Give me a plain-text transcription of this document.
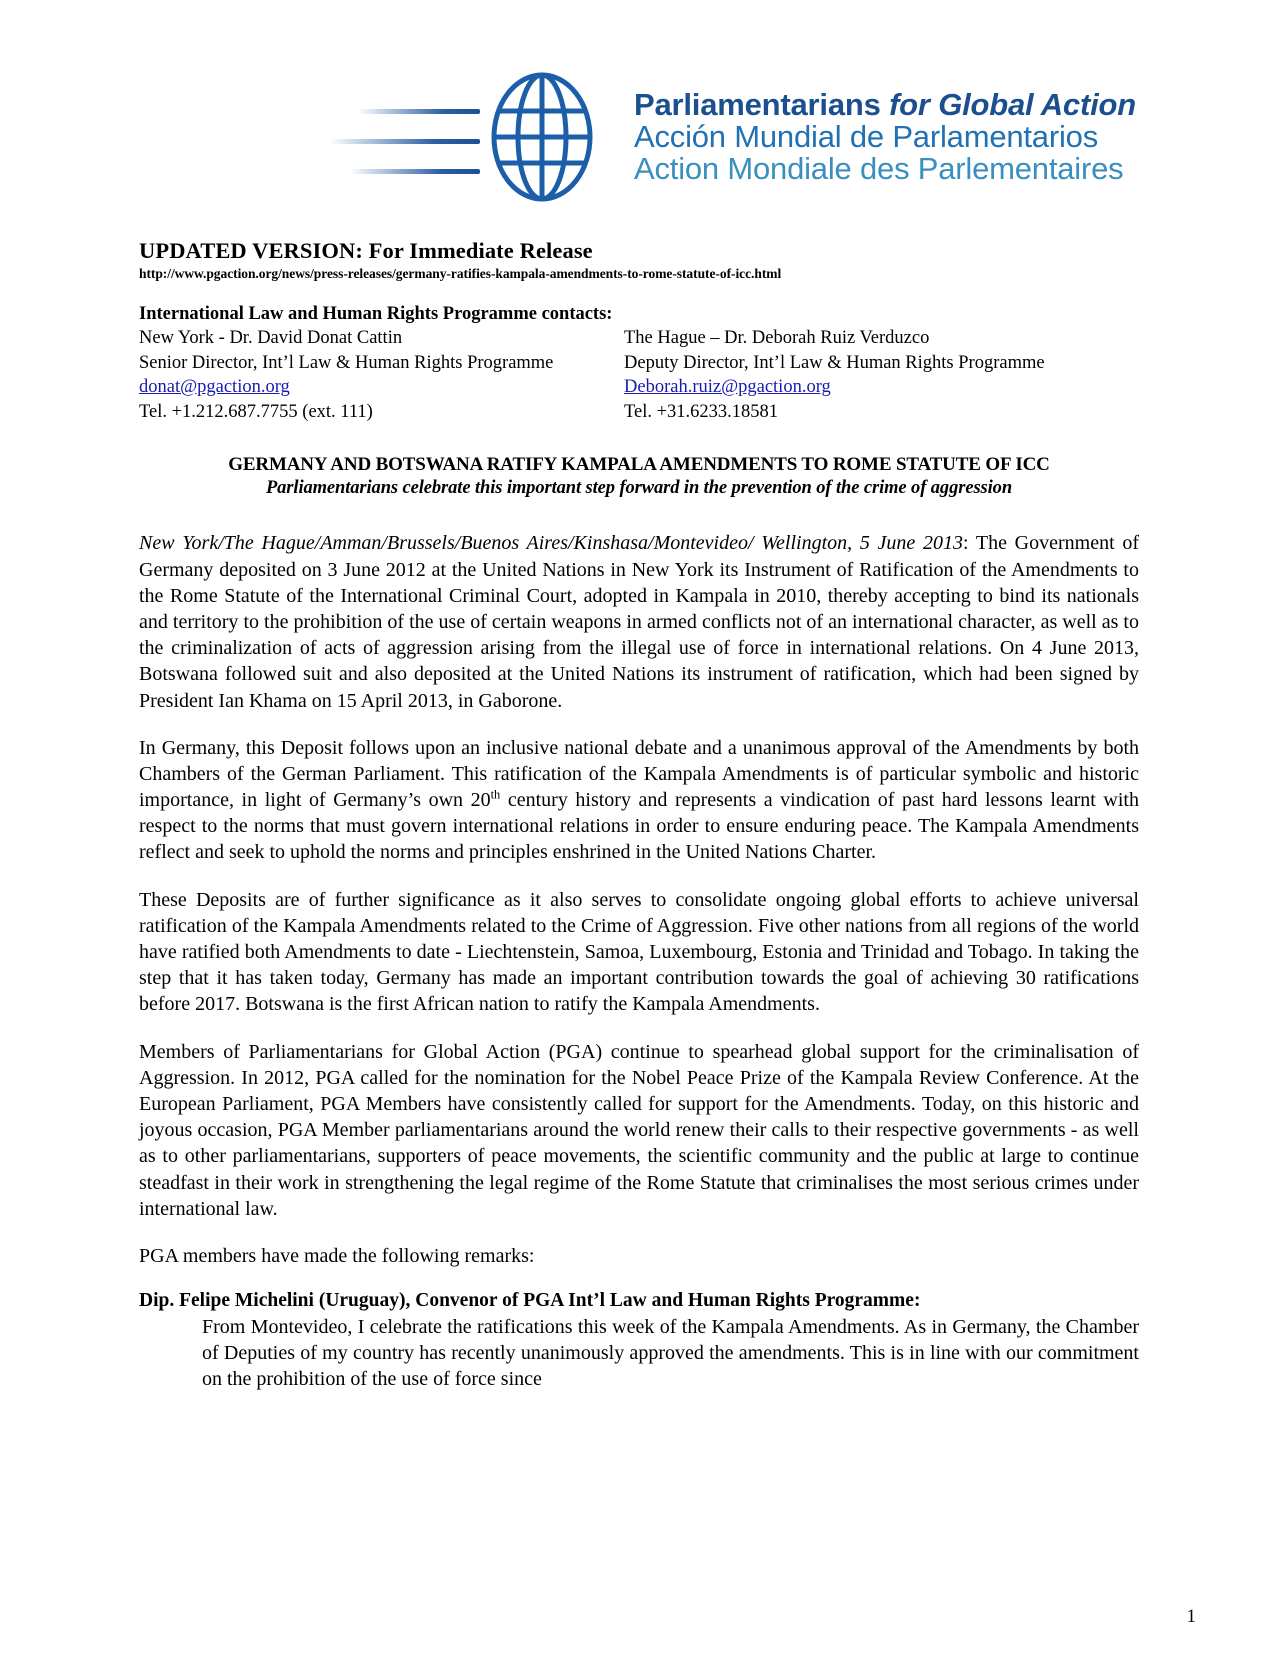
Parliamentarians for Global Action
Acción Mundial de Parlamentarios
Action Mondiale des Parlementaires
UPDATED VERSION: For Immediate Release
http://www.pgaction.org/news/press-releases/germany-ratifies-kampala-amendments-to-rome-statute-of-icc.html
International Law and Human Rights Programme contacts:
New York - Dr. David Donat Cattin
Senior Director, Int’l Law & Human Rights Programme
donat@pgaction.org
Tel. +1.212.687.7755 (ext. 111)
The Hague – Dr. Deborah Ruiz Verduzco
Deputy Director, Int’l Law & Human Rights Programme
Deborah.ruiz@pgaction.org
Tel. +31.6233.18581
GERMANY AND BOTSWANA RATIFY KAMPALA AMENDMENTS TO ROME STATUTE OF ICC
Parliamentarians celebrate this important step forward in the prevention of the crime of aggression

New York/The Hague/Amman/Brussels/Buenos Aires/Kinshasa/Montevideo/ Wellington, 5 June 2013: The Government of Germany deposited on 3 June 2012 at the United Nations in New York its Instrument of Ratification of the Amendments to the Rome Statute of the International Criminal Court, adopted in Kampala in 2010, thereby accepting to bind its nationals and territory to the prohibition of the use of certain weapons in armed conflicts not of an international character, as well as to the criminalization of acts of aggression arising from the illegal use of force in international relations. On 4 June 2013, Botswana followed suit and also deposited at the United Nations its instrument of ratification, which had been signed by President Ian Khama on 15 April 2013, in Gaborone.

In Germany, this Deposit follows upon an inclusive national debate and a unanimous approval of the Amendments by both Chambers of the German Parliament. This ratification of the Kampala Amendments is of particular symbolic and historic importance, in light of Germany’s own 20th century history and represents a vindication of past hard lessons learnt with respect to the norms that must govern international relations in order to ensure enduring peace. The Kampala Amendments reflect and seek to uphold the norms and principles enshrined in the United Nations Charter.

These Deposits are of further significance as it also serves to consolidate ongoing global efforts to achieve universal ratification of the Kampala Amendments related to the Crime of Aggression. Five other nations from all regions of the world have ratified both Amendments to date - Liechtenstein, Samoa, Luxembourg, Estonia and Trinidad and Tobago. In taking the step that it has taken today, Germany has made an important contribution towards the goal of achieving 30 ratifications before 2017. Botswana is the first African nation to ratify the Kampala Amendments.

Members of Parliamentarians for Global Action (PGA) continue to spearhead global support for the criminalisation of Aggression. In 2012, PGA called for the nomination for the Nobel Peace Prize of the Kampala Review Conference. At the European Parliament, PGA Members have consistently called for support for the Amendments. Today, on this historic and joyous occasion, PGA Member parliamentarians around the world renew their calls to their respective governments - as well as to other parliamentarians, supporters of peace movements, the scientific community and the public at large to continue steadfast in their work in strengthening the legal regime of the Rome Statute that criminalises the most serious crimes under international law.

PGA members have made the following remarks:

Dip. Felipe Michelini (Uruguay), Convenor of PGA Int’l Law and Human Rights Programme:
From Montevideo, I celebrate the ratifications this week of the Kampala Amendments. As in Germany, the Chamber of Deputies of my country has recently unanimously approved the amendments. This is in line with our commitment on the prohibition of the use of force since
1
